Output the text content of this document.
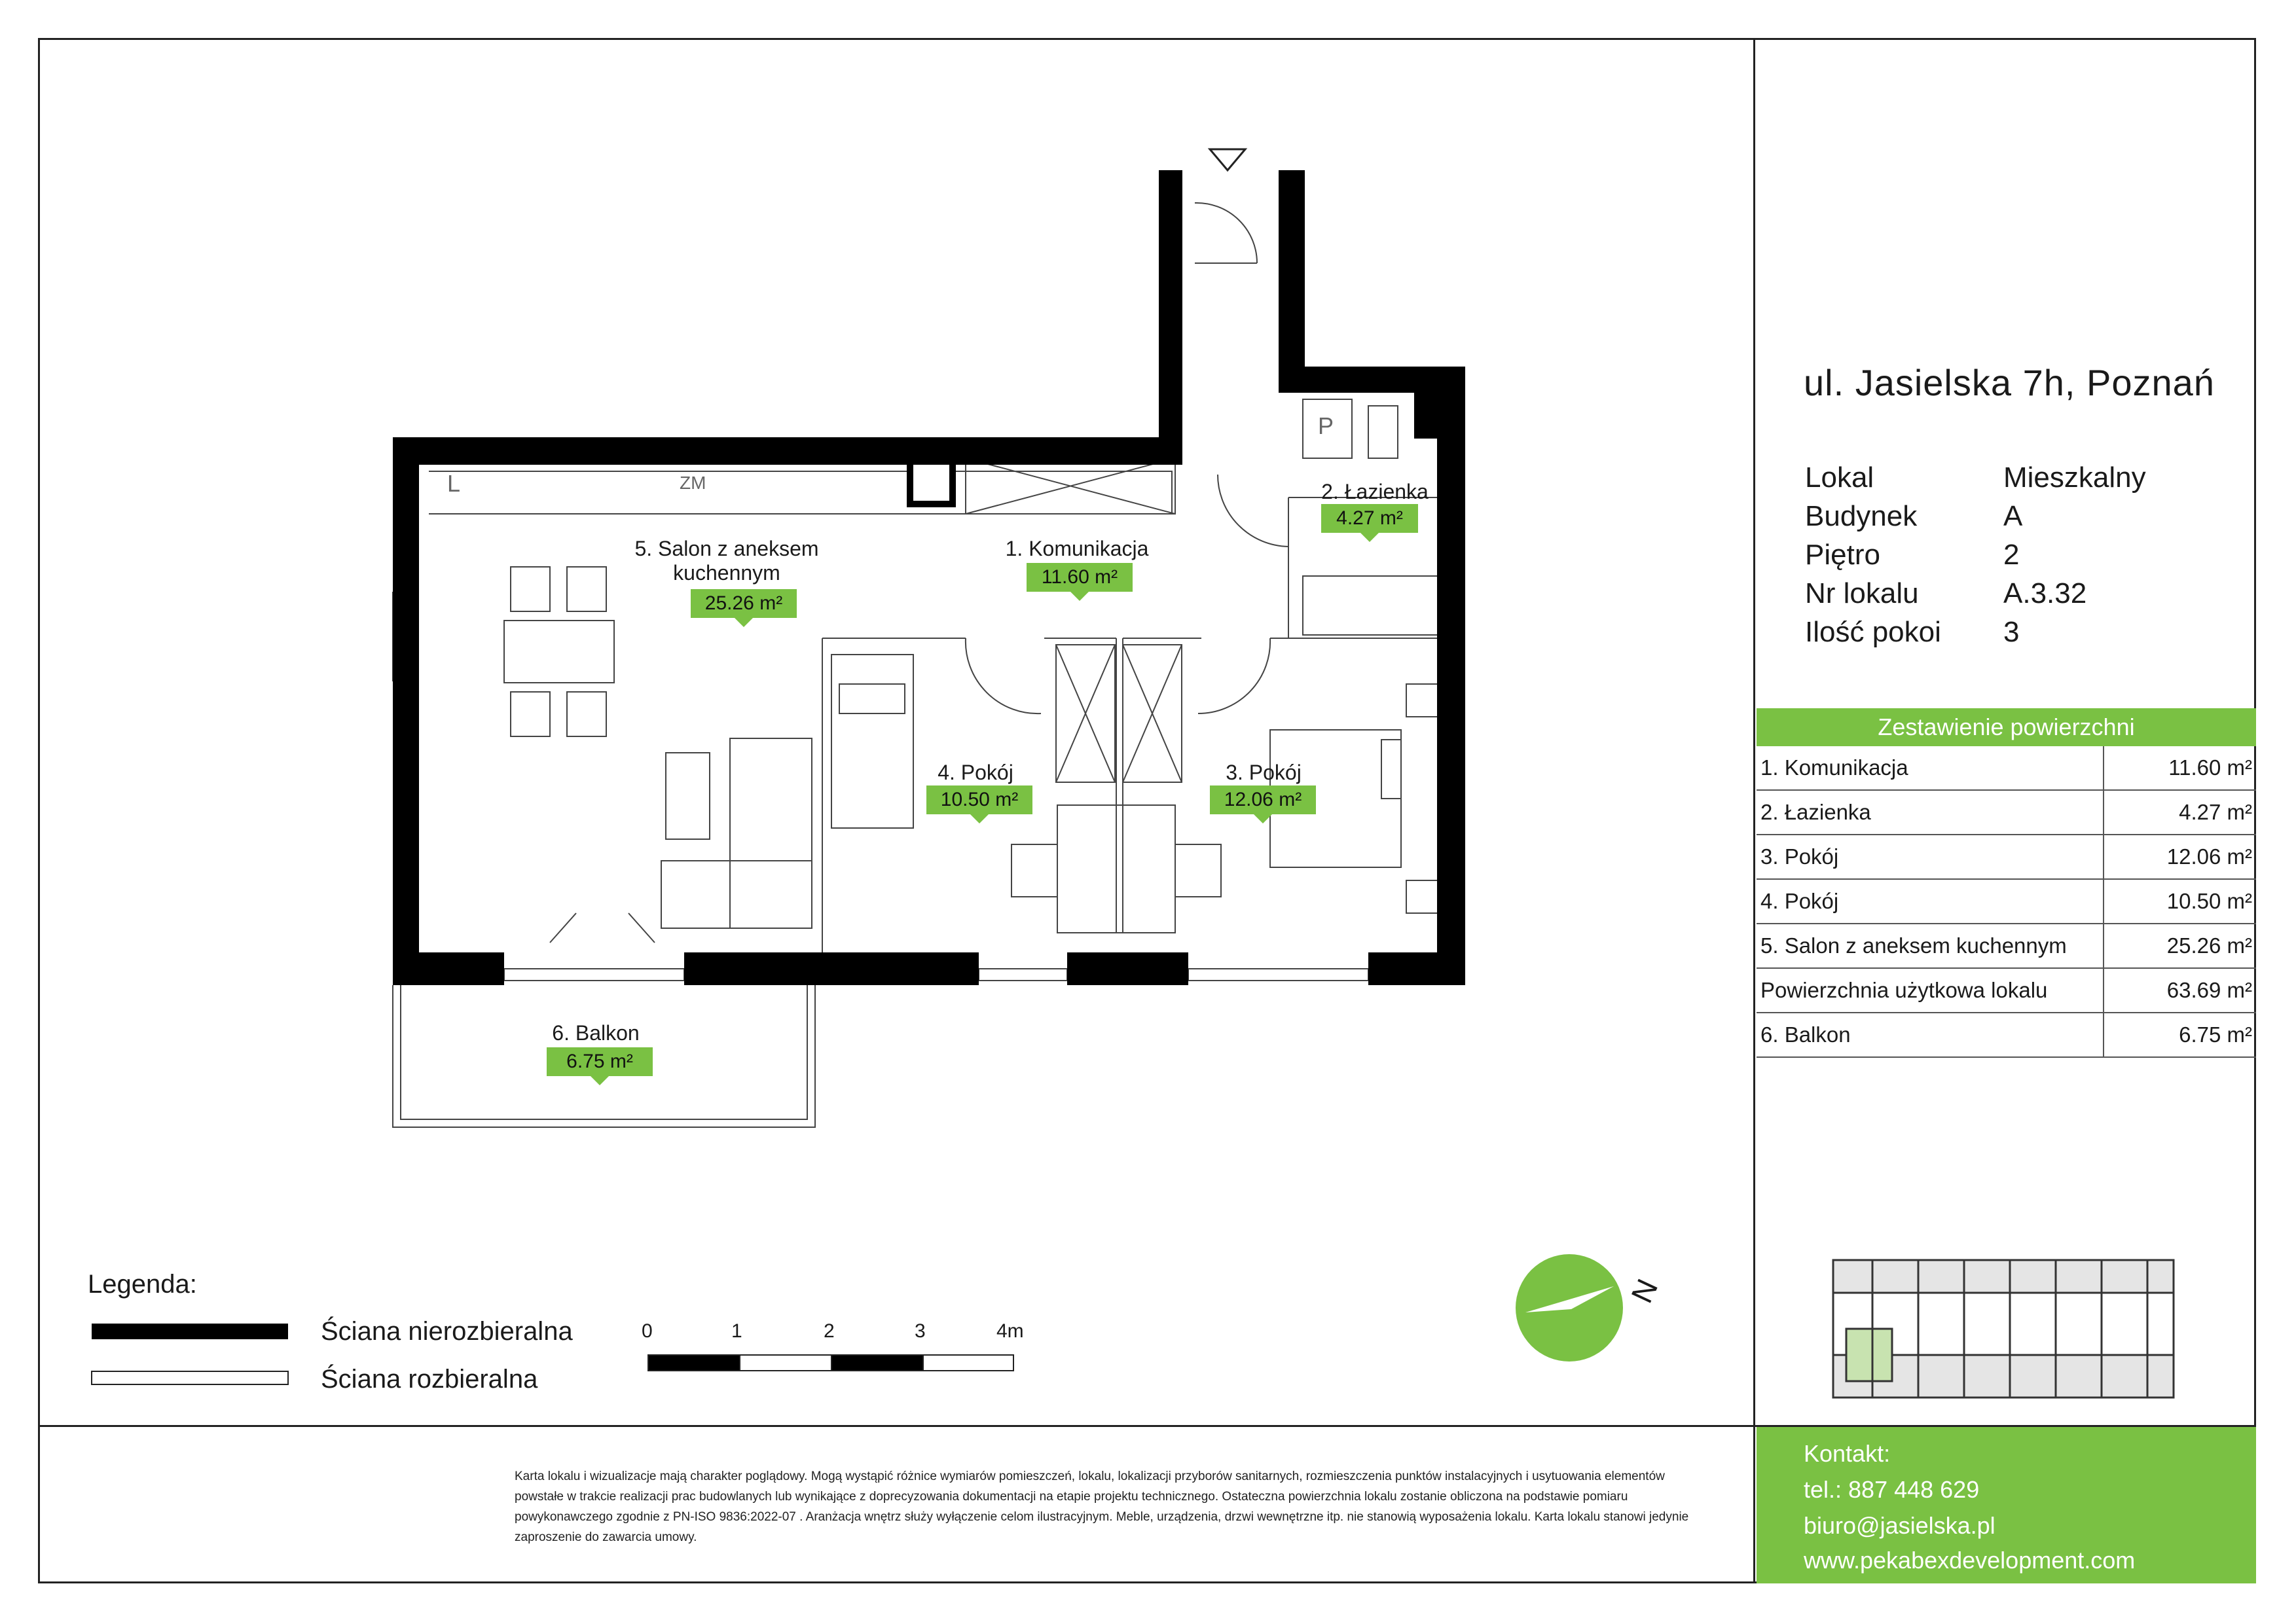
5. Salon z aneksem
kuchennym
25.26 m²
1. Komunikacja
11.60 m²
2. Łazienka
4.27 m²
3. Pokój
12.06 m²
4. Pokój
10.50 m²
6. Balkon
6.75 m²
L	ZM
P
ul. Jasielska 7h, Poznań
Lokal	Mieszkalny
Budynek	A
Piętro	2
Nr lokalu	A.3.32
Ilość pokoi 3
Zestawienie powierzchni
1. Komunikacja	11.60 m²
2. Łazienka	4.27 m²
3. Pokój	12.06 m²
4. Pokój	10.50 m²
5. Salon z aneksem kuchennym	25.26 m²
Powierzchnia użytkowa lokalu	63.69 m²
6. Balkon	6.75 m²
N
Legenda:
Ściana nierozbieralna
Ściana rozbieralna
0	1	2	3	4m
Karta lokalu i wizualizacje mają charakter poglądowy. Mogą wystąpić różnice wymiarów pomieszczeń, lokalu, lokalizacji przyborów sanitarnych, rozmieszczenia punktów instalacyjnych i usytuowania elementów powstałe w trakcie realizacji prac budowlanych lub wynikające z doprecyzowania dokumentacji na etapie projektu technicznego. Ostateczna powierzchnia lokalu zostanie obliczona na podstawie pomiaru powykonawczego zgodnie z PN-ISO 9836:2022-07 . Aranżacja wnętrz służy wyłączenie celom ilustracyjnym. Meble, urządzenia, drzwi wewnętrzne itp. nie stanowią wyposażenia lokalu. Karta lokalu stanowi jedynie zaproszenie do zawarcia umowy.
Kontakt:
tel.: 887 448 629
biuro@jasielska.pl
www.pekabexdevelopment.com
